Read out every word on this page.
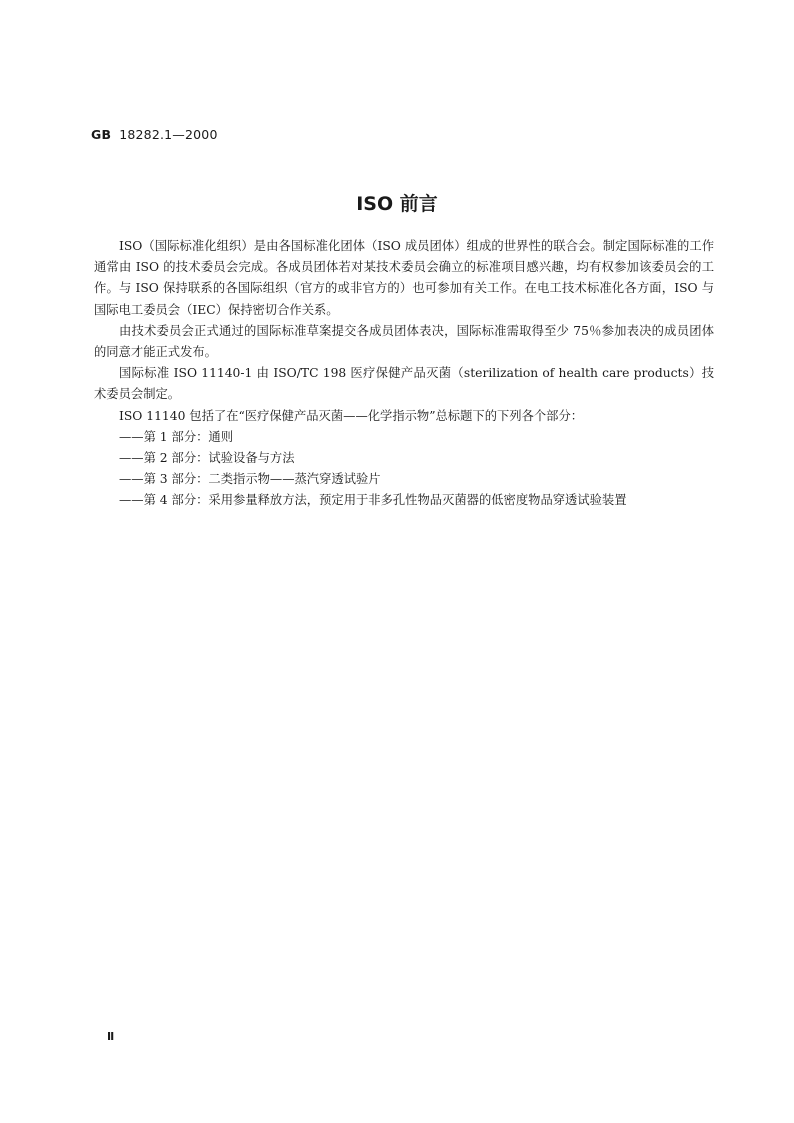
GB 18282.1—2000
ISO 前言

ISO（国际标准化组织）是由各国标准化团体（ISO 成员团体）组成的世界性的联合会。制定国际标准的工作通常由 ISO 的技术委员会完成。各成员团体若对某技术委员会确立的标准项目感兴趣，均有权参加该委员会的工作。与 ISO 保持联系的各国际组织（官方的或非官方的）也可参加有关工作。在电工技术标准化各方面，ISO 与国际电工委员会（IEC）保持密切合作关系。

由技术委员会正式通过的国际标准草案提交各成员团体表决，国际标准需取得至少 75％参加表决的成员团体的同意才能正式发布。

国际标准 ISO 11140-1 由 ISO/TC 198 医疗保健产品灭菌（sterilization of health care products）技术委员会制定。

ISO 11140 包括了在“医疗保健产品灭菌——化学指示物”总标题下的下列各个部分：

——第 1 部分：通则

——第 2 部分：试验设备与方法

——第 3 部分：二类指示物——蒸汽穿透试验片

——第 4 部分：采用参量释放方法，预定用于非多孔性物品灭菌器的低密度物品穿透试验装置

Ⅱ
